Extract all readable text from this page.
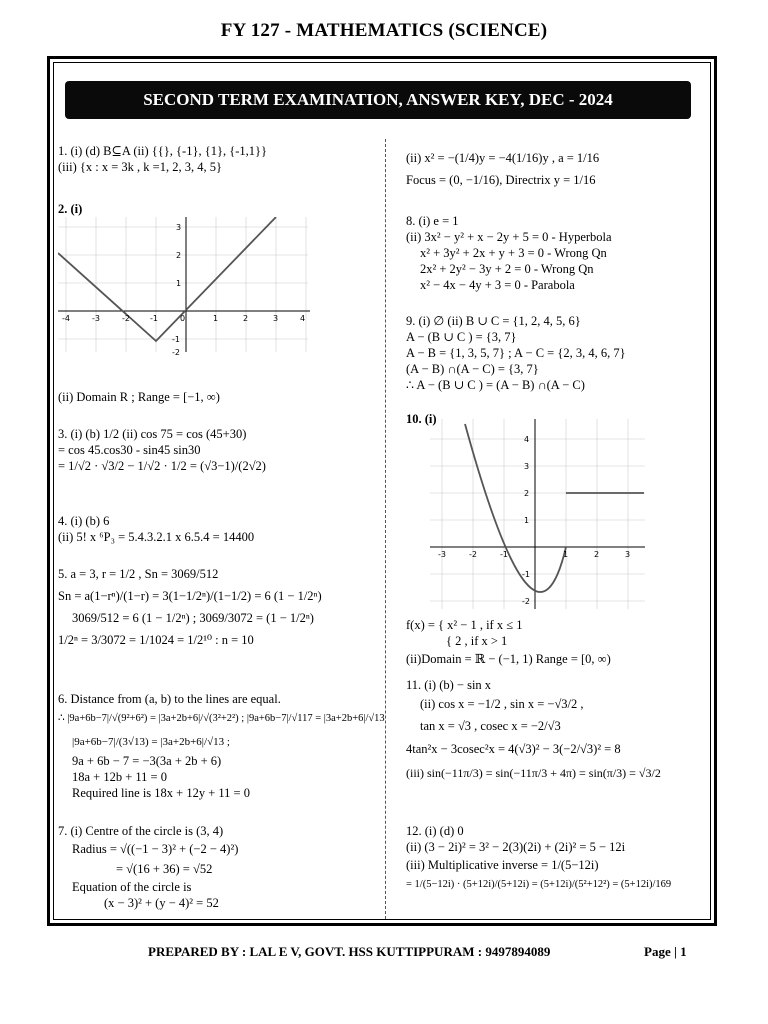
FY 127 - MATHEMATICS (SCIENCE)
SECOND TERM EXAMINATION, ANSWER KEY, DEC - 2024
1. (i) (d) B⊆A (ii) {{}, {-1}, {1}, {-1,1}}
(iii) {x : x = 3k , k =1, 2, 3, 4, 5}
2. (i)
-4	-3	-2	-1	0	1	2	3	4
3
2
1
-1
-2
(ii) Domain R ; Range = [−1, ∞)
3. (i) (b) 1/2 (ii) cos 75 = cos (45+30)
= cos 45.cos30 - sin45 sin30
= 1/√2 · √3/2 − 1/√2 · 1/2 = (√3−1)/(2√2)
4. (i) (b) 6
(ii) 5! x ⁶P₃ = 5.4.3.2.1 x 6.5.4 = 14400
5. a = 3, r = 1/2 , Sn = 3069/512
Sn = a(1−rⁿ)/(1−r) = 3(1−1/2ⁿ)/(1−1/2) = 6 (1 − 1/2ⁿ)
3069/512 = 6 (1 − 1/2ⁿ) ; 3069/3072 = (1 − 1/2ⁿ)
1/2ⁿ = 3/3072 = 1/1024 = 1/2¹⁰ : n = 10
6. Distance from (a, b) to the lines are equal.
∴ |9a+6b−7|/√(9²+6²) = |3a+2b+6|/√(3²+2²) ; |9a+6b−7|/√117 = |3a+2b+6|/√13
|9a+6b−7|/(3√13) = |3a+2b+6|/√13 ;
9a + 6b − 7 = −3(3a + 2b + 6)
18a + 12b + 11 = 0
Required line is 18x + 12y + 11 = 0
7. (i) Centre of the circle is (3, 4)
Radius = √((−1 − 3)² + (−2 − 4)²)
= √(16 + 36) = √52
Equation of the circle is
(x − 3)² + (y − 4)² = 52
(ii) x² = −(1/4)y = −4(1/16)y , a = 1/16
Focus = (0, −1/16), Directrix y = 1/16
8. (i) e = 1
(ii) 3x² − y² + x − 2y + 5 = 0 - Hyperbola
x² + 3y² + 2x + y + 3 = 0 - Wrong Qn
2x² + 2y² − 3y + 2 = 0 - Wrong Qn
x² − 4x − 4y + 3 = 0 - Parabola
9. (i) ∅ (ii) B ∪ C = {1, 2, 4, 5, 6}
A − (B ∪ C ) = {3, 7}
A − B = {1, 3, 5, 7} ; A − C = {2, 3, 4, 6, 7}
(A − B) ∩(A − C) = {3, 7}
∴ A − (B ∪ C ) = (A − B) ∩(A − C)
10. (i)
-3	-2	-1	1	2	3
4
3
2
1
-1
-2
f(x) = { x² − 1 , if x ≤ 1
{ 2 , if x > 1
(ii)Domain = ℝ − (−1, 1) Range = [0, ∞)
11. (i) (b) − sin x
(ii) cos x = −1/2 , sin x = −√3/2 ,
tan x = √3 , cosec x = −2/√3
4tan²x − 3cosec²x = 4(√3)² − 3(−2/√3)² = 8
(iii) sin(−11π/3) = sin(−11π/3 + 4π) = sin(π/3) = √3/2
12. (i) (d) 0
(ii) (3 − 2i)² = 3² − 2(3)(2i) + (2i)² = 5 − 12i
(iii) Multiplicative inverse = 1/(5−12i)
= 1/(5−12i) · (5+12i)/(5+12i) = (5+12i)/(5²+12²) = (5+12i)/169
PREPARED BY : LAL E V, GOVT. HSS KUTTIPPURAM : 9497894089	Page | 1
